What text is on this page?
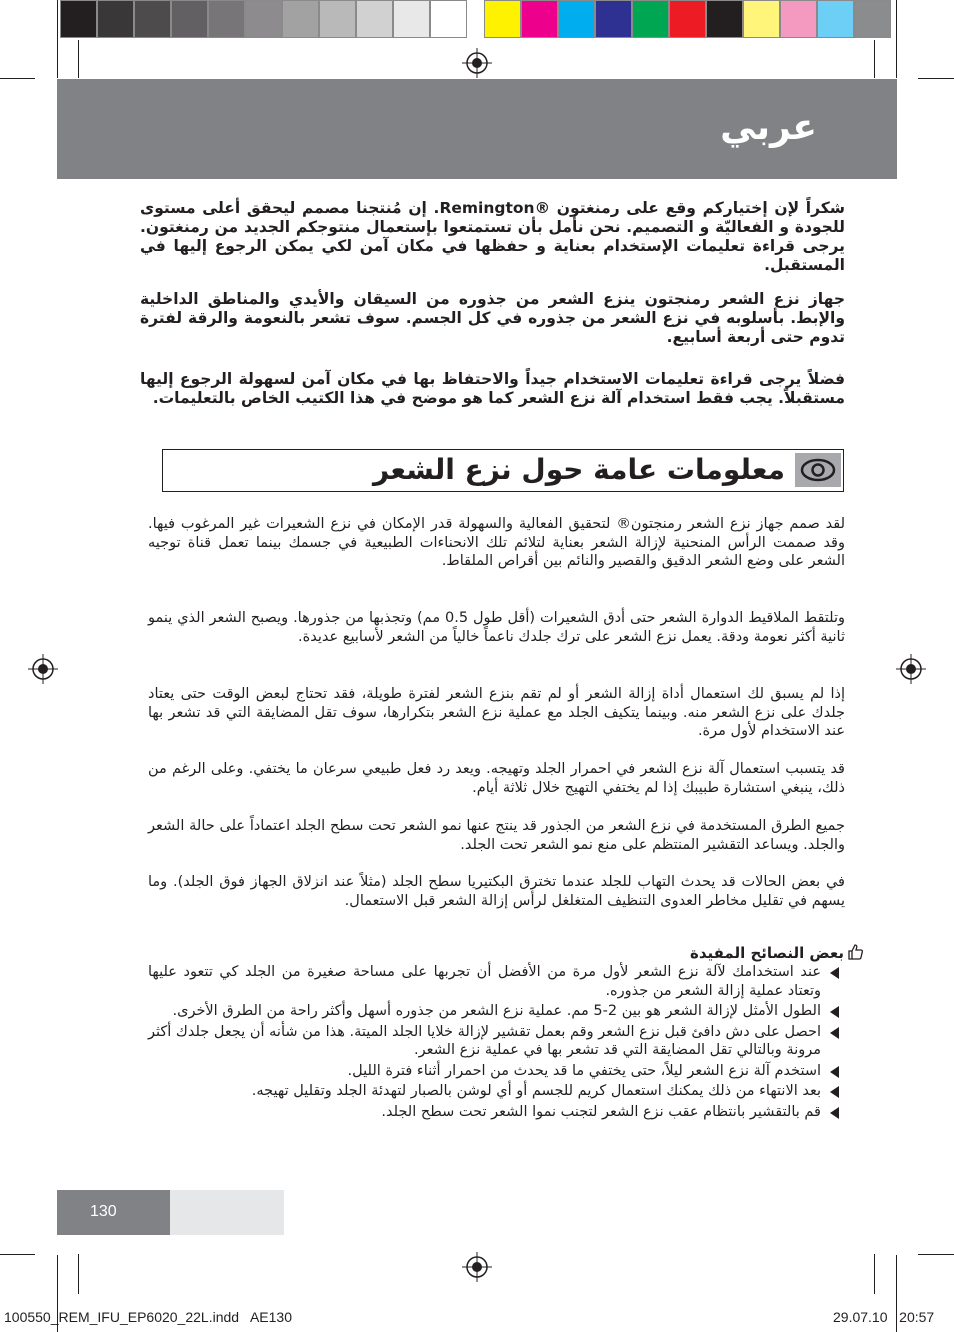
عربي
شكراً لإن إختياركم وقع على رمنغتون ®Remington. إن مُنتجنا مصمم ليحقق أعلى مستوى للجودة و الفعاليّة و التصميم. نحن نأمل بأن تستمتعوا بإستعمال منتوجكم الجديد من رمنغتون. يرجى قراءة تعليمات الإستخدام بعناية و حفظها في مكان آمن لكي يمكن الرجوع إليها في المستقبل.
جهاز نزع الشعر رمنجتون ينزع الشعر من جذوره من السيقان والأيدي والمناطق الداخلية والإبط. بأسلوبه في نزع الشعر من جذوره في كل الجسم. سوف تشعر بالنعومة والرقة لفترة تدوم حتى أربعة أسابيع.
فضلاً يرجى قراءة تعليمات الاستخدام جيداً والاحتفاظ بها في مكان آمن لسهولة الرجوع إليها مستقبلاً. يجب فقط استخدام آلة نزع الشعر كما هو موضح في هذا الكتيب الخاص بالتعليمات.
معلومات عامة حول نزع الشعر
لقد صمم جهاز نزع الشعر رمنجتون® لتحقيق الفعالية والسهولة قدر الإمكان في نزع الشعيرات غير المرغوب فيها. وقد صممت الرأس المنحنية لإزالة الشعر بعناية لتلائم تلك الانحناءات الطبيعية في جسمك بينما تعمل قناة توجيه الشعر على وضع الشعر الدقيق والقصير والنائم بين أقراص الملقاط.
وتلتقط الملاقيط الدوارة الشعر حتى أدق الشعيرات (أقل طول 0.5 مم) وتجذبها من جذورها. ويصبح الشعر الذي ينمو ثانية أكثر نعومة ودقة. يعمل نزع الشعر على ترك جلدك ناعماً خالياً من الشعر لأسابيع عديدة.
إذا لم يسبق لك استعمال أداة إزالة الشعر أو لم تقم بنزع الشعر لفترة طويلة، فقد تحتاج لبعض الوقت حتى يعتاد جلدك على نزع الشعر منه. وبينما يتكيف الجلد مع عملية نزع الشعر بتكرارها، سوف تقل المضايقة التي قد تشعر بها عند الاستخدام لأول مرة.
قد يتسبب استعمال آلة نزع الشعر في احمرار الجلد وتهيجه. ويعد رد فعل طبيعي سرعان ما يختفي. وعلى الرغم من ذلك، ينبغي استشارة طبيبك إذا لم يختفي التهيج خلال ثلاثة أيام.
جميع الطرق المستخدمة في نزع الشعر من الجذور قد ينتج عنها نمو الشعر تحت سطح الجلد اعتماداً على حالة الشعر والجلد. ويساعد التقشير المنتظم على منع نمو الشعر تحت الجلد.
في بعض الحالات قد يحدث التهاب للجلد عندما تخترق البكتيريا سطح الجلد (مثلاً عند انزلاق الجهاز فوق الجلد). وما يسهم في تقليل مخاطر العدوى التنظيف المتغلغل لرأس إزالة الشعر قبل الاستعمال.
بعض النصائح المفيدة
عند استخدامك لآلة نزع الشعر لأول مرة من الأفضل أن تجربها على مساحة صغيرة من الجلد كي تتعود عليها وتعتاد عملية إزالة الشعر من جذوره.
الطول الأمثل لإزالة الشعر هو بين 2-5 مم. عملية نزع الشعر من جذوره أسهل وأكثر راحة من الطرق الأخرى.
احصل على دش دافئ قبل نزع الشعر وقم بعمل تقشير لإزالة خلايا الجلد الميتة. هذا من شأنه أن يجعل جلدك أكثر مرونة وبالتالي تقل المضايقة التي قد تشعر بها في عملية نزع الشعر.
استخدم آلة نزع الشعر ليلاً، حتى يختفي ما قد يحدث من احمرار أثناء فترة الليل.
بعد الانتهاء من ذلك يمكنك استعمال كريم للجسم أو أي لوشن بالصبار لتهدئة الجلد وتقليل تهيجه.
قم بالتقشير بانتظام عقب نزع الشعر لتجنب نموا الشعر تحت سطح الجلد.
130
100550_REM_IFU_EP6020_22L.indd   AE130	29.07.10   20:57
